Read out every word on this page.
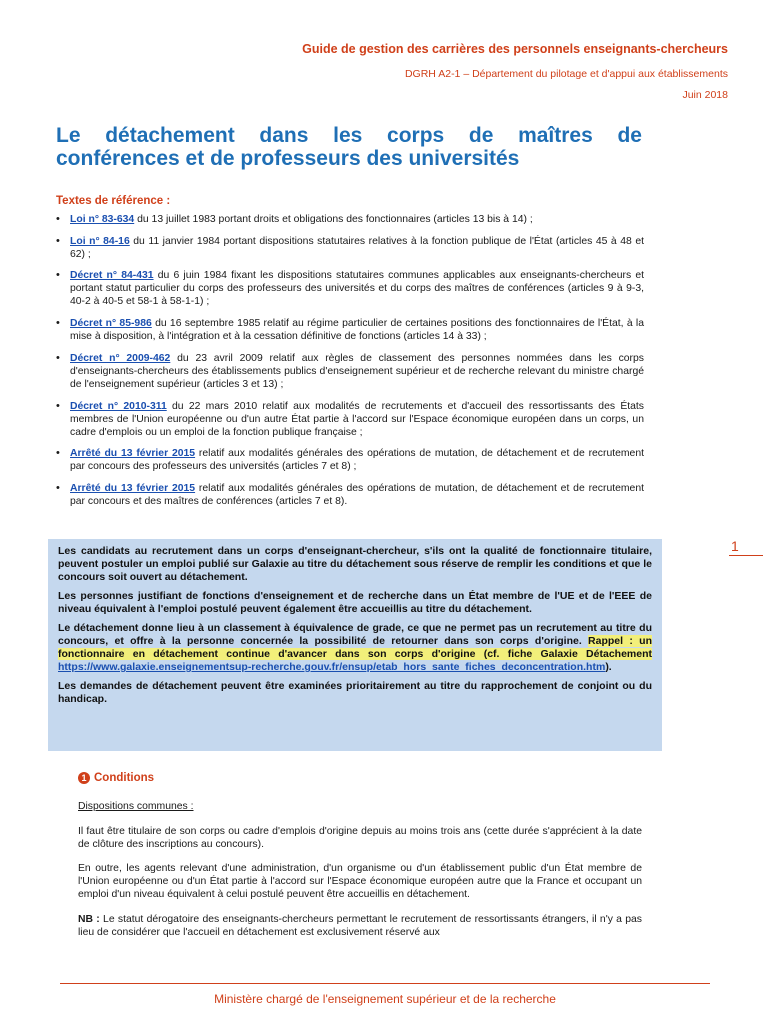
Guide de gestion des carrières des personnels enseignants-chercheurs
DGRH A2-1 – Département du pilotage et d'appui aux établissements
Juin 2018
Le détachement dans les corps de maîtres de
conférences et de professeurs des universités
Textes de référence :
• Loi n° 83-634 du 13 juillet 1983 portant droits et obligations des fonctionnaires (articles 13 bis à 14) ;
• Loi n° 84-16 du 11 janvier 1984 portant dispositions statutaires relatives à la fonction publique de l'État (articles 45 à 48 et 62) ;
• Décret n° 84-431 du 6 juin 1984 fixant les dispositions statutaires communes applicables aux enseignants-chercheurs et portant statut particulier du corps des professeurs des universités et du corps des maîtres de conférences (articles 9 à 9-3, 40-2 à 40-5 et 58-1 à 58-1-1) ;
• Décret n° 85-986 du 16 septembre 1985 relatif au régime particulier de certaines positions des fonctionnaires de l'État, à la mise à disposition, à l'intégration et à la cessation définitive de fonctions (articles 14 à 33) ;
• Décret n° 2009-462 du 23 avril 2009 relatif aux règles de classement des personnes nommées dans les corps d'enseignants-chercheurs des établissements publics d'enseignement supérieur et de recherche relevant du ministre chargé de l'enseignement supérieur (articles 3 et 13) ;
• Décret n° 2010-311 du 22 mars 2010 relatif aux modalités de recrutements et d'accueil des ressortissants des États membres de l'Union européenne ou d'un autre État partie à l'accord sur l'Espace économique européen dans un corps, un cadre d'emplois ou un emploi de la fonction publique française ;
• Arrêté du 13 février 2015 relatif aux modalités générales des opérations de mutation, de détachement et de recrutement par concours des professeurs des universités (articles 7 et 8) ;
• Arrêté du 13 février 2015 relatif aux modalités générales des opérations de mutation, de détachement et de recrutement par concours et des maîtres de conférences (articles 7 et 8).
1

Les candidats au recrutement dans un corps d'enseignant-chercheur, s'ils ont la qualité de fonctionnaire titulaire, peuvent postuler un emploi publié sur Galaxie au titre du détachement sous réserve de remplir les conditions et que le concours soit ouvert au détachement.

Les personnes justifiant de fonctions d'enseignement et de recherche dans un État membre de l'UE et de l'EEE de niveau équivalent à l'emploi postulé peuvent également être accueillis au titre du détachement.

Le détachement donne lieu à un classement à équivalence de grade, ce que ne permet pas un recrutement au titre du concours, et offre à la personne concernée la possibilité de retourner dans son corps d'origine. Rappel : un fonctionnaire en détachement continue d'avancer dans son corps d'origine (cf. fiche Galaxie Détachement https://www.galaxie.enseignementsup-recherche.gouv.fr/ensup/etab_hors_sante_fiches_deconcentration.htm).

Les demandes de détachement peuvent être examinées prioritairement au titre du rapprochement de conjoint ou du handicap.

1 Conditions
Dispositions communes :
Il faut être titulaire de son corps ou cadre d'emplois d'origine depuis au moins trois ans (cette durée s'apprécient à la date de clôture des inscriptions au concours).
En outre, les agents relevant d'une administration, d'un organisme ou d'un établissement public d'un État membre de l'Union européenne ou d'un État partie à l'accord sur l'Espace économique européen autre que la France et occupant un emploi d'un niveau équivalent à celui postulé peuvent être accueillis en détachement.
NB : Le statut dérogatoire des enseignants-chercheurs permettant le recrutement de ressortissants étrangers, il n'y a pas lieu de considérer que l'accueil en détachement est exclusivement réservé aux
Ministère chargé de l'enseignement supérieur et de la recherche
